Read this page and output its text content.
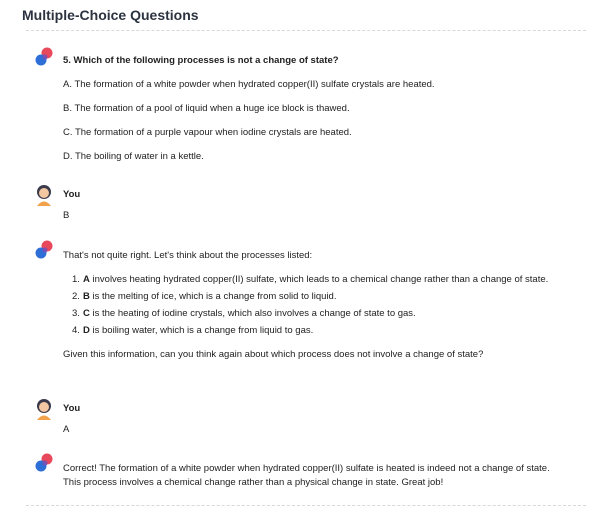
Multiple-Choice Questions

5. Which of the following processes is not a change of state?

A. The formation of a white powder when hydrated copper(II) sulfate crystals are heated.

B. The formation of a pool of liquid when a huge ice block is thawed.

C. The formation of a purple vapour when iodine crystals are heated.

D. The boiling of water in a kettle.

You

B

That's not quite right. Let's think about the processes listed:

1. A involves heating hydrated copper(II) sulfate, which leads to a chemical change rather than a change of state.
2. B is the melting of ice, which is a change from solid to liquid.
3. C is the heating of iodine crystals, which also involves a change of state to gas.
4. D is boiling water, which is a change from liquid to gas.

Given this information, can you think again about which process does not involve a change of state?

You

A

Correct! The formation of a white powder when hydrated copper(II) sulfate is heated is indeed not a change of state. This process involves a chemical change rather than a physical change in state. Great job!
